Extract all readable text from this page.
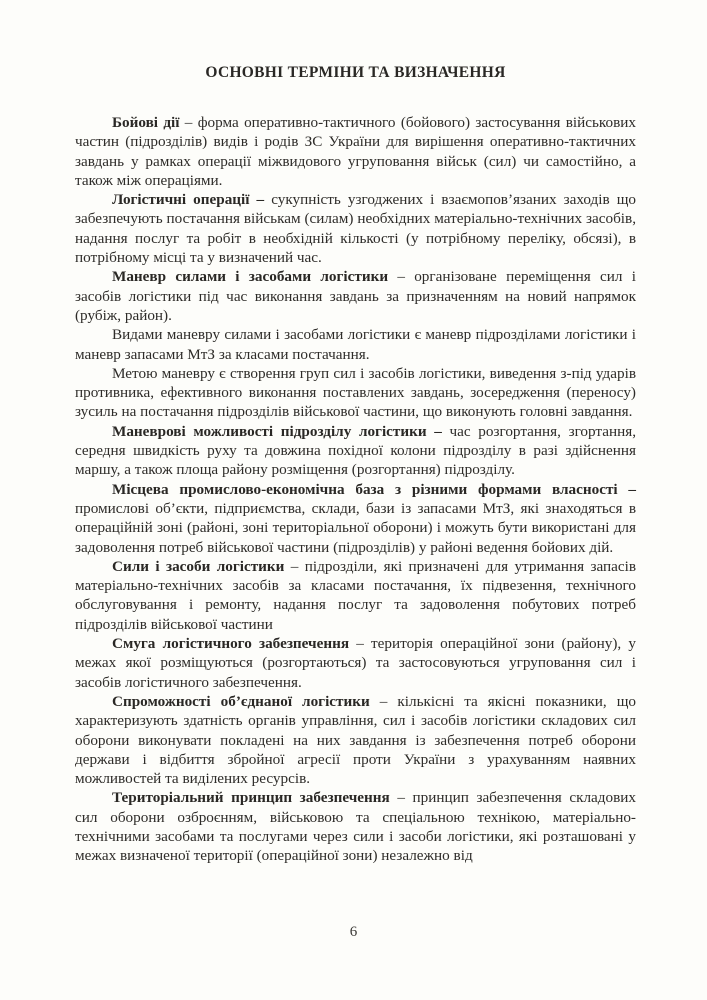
ОСНОВНІ ТЕРМІНИ ТА ВИЗНАЧЕННЯ

Бойові дії – форма оперативно-тактичного (бойового) застосування військових частин (підрозділів) видів і родів ЗС України для вирішення оперативно-тактичних завдань у рамках операції міжвидового угруповання військ (сил) чи самостійно, а також між операціями.

Логістичні операції – сукупність узгоджених і взаємопов’язаних заходів що забезпечують постачання військам (силам) необхідних матеріально-технічних засобів, надання послуг та робіт в необхідній кількості (у потрібному переліку, обсязі), в потрібному місці та у визначений час.

Маневр силами і засобами логістики – організоване переміщення сил і засобів логістики під час виконання завдань за призначенням на новий напрямок (рубіж, район).

Видами маневру силами і засобами логістики є маневр підрозділами логістики і маневр запасами МтЗ за класами постачання.

Метою маневру є створення груп сил і засобів логістики, виведення з-під ударів противника, ефективного виконання поставлених завдань, зосередження (переносу) зусиль на постачання підрозділів військової частини, що виконують головні завдання.

Маневрові можливості підрозділу логістики – час розгортання, згортання, середня швидкість руху та довжина похідної колони підрозділу в разі здійснення маршу, а також площа району розміщення (розгортання) підрозділу.

Місцева промислово-економічна база з різними формами власності – промислові об’єкти, підприємства, склади, бази із запасами МтЗ, які знаходяться в операційній зоні (районі, зоні територіальної оборони) і можуть бути використані для задоволення потреб військової частини (підрозділів) у районі ведення бойових дій.

Сили і засоби логістики – підрозділи, які призначені для утримання запасів матеріально-технічних засобів за класами постачання, їх підвезення, технічного обслуговування і ремонту, надання послуг та задоволення побутових потреб підрозділів військової частини

Смуга логістичного забезпечення – територія операційної зони (району), у межах якої розміщуються (розгортаються) та застосовуються угруповання сил і засобів логістичного забезпечення.

Спроможності об’єднаної логістики – кількісні та якісні показники, що характеризують здатність органів управління, сил і засобів логістики складових сил оборони виконувати покладені на них завдання із забезпечення потреб оборони держави і відбиття збройної агресії проти України з урахуванням наявних можливостей та виділених ресурсів.

Територіальний принцип забезпечення – принцип забезпечення складових сил оборони озброєнням, військовою та спеціальною технікою, матеріально-технічними засобами та послугами через сили і засоби логістики, які розташовані у межах визначеної території (операційної зони) незалежно від

6
